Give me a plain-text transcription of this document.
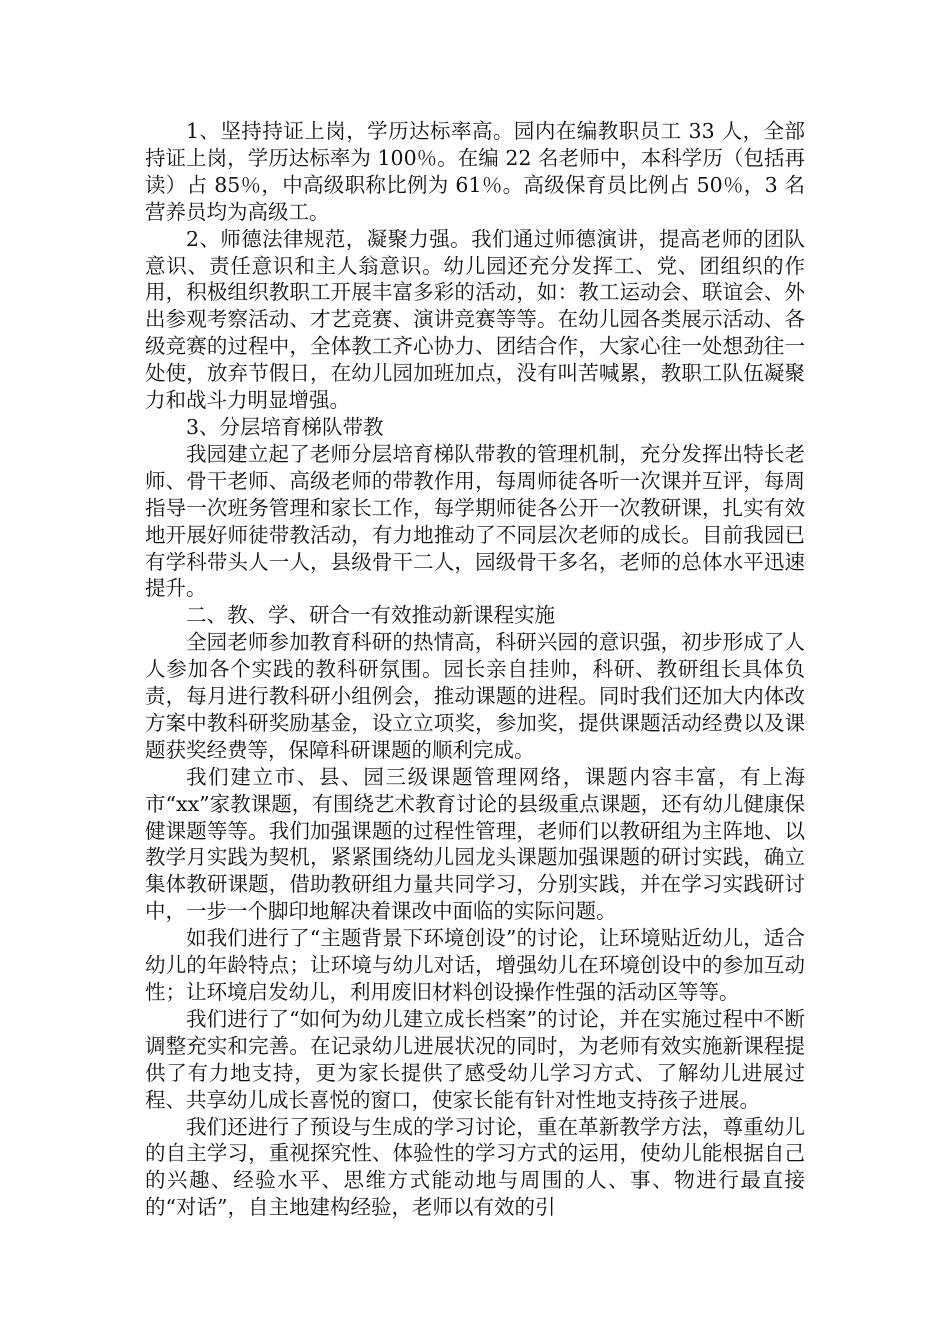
1、坚持持证上岗，学历达标率高。园内在编教职员工 33 人，全部持证上岗，学历达标率为 100％。在编 22 名老师中，本科学历（包括再读）占 85％，中高级职称比例为 61％。高级保育员比例占 50％，3 名营养员均为高级工。

2、师德法律规范，凝聚力强。我们通过师德演讲，提高老师的团队意识、责任意识和主人翁意识。幼儿园还充分发挥工、党、团组织的作用，积极组织教职工开展丰富多彩的活动，如：教工运动会、联谊会、外出参观考察活动、才艺竞赛、演讲竞赛等等。在幼儿园各类展示活动、各级竞赛的过程中，全体教工齐心协力、团结合作，大家心往一处想劲往一处使，放弃节假日，在幼儿园加班加点，没有叫苦喊累，教职工队伍凝聚力和战斗力明显增强。

3、分层培育梯队带教

我园建立起了老师分层培育梯队带教的管理机制，充分发挥出特长老师、骨干老师、高级老师的带教作用，每周师徒各听一次课并互评，每周指导一次班务管理和家长工作，每学期师徒各公开一次教研课，扎实有效地开展好师徒带教活动，有力地推动了不同层次老师的成长。目前我园已有学科带头人一人，县级骨干二人，园级骨干多名，老师的总体水平迅速提升。

二、教、学、研合一有效推动新课程实施

全园老师参加教育科研的热情高，科研兴园的意识强，初步形成了人人参加各个实践的教科研氛围。园长亲自挂帅，科研、教研组长具体负责，每月进行教科研小组例会，推动课题的进程。同时我们还加大内体改方案中教科研奖励基金，设立立项奖，参加奖，提供课题活动经费以及课题获奖经费等，保障科研课题的顺利完成。

我们建立市、县、园三级课题管理网络，课题内容丰富，有上海市“xx”家教课题，有围绕艺术教育讨论的县级重点课题，还有幼儿健康保健课题等等。我们加强课题的过程性管理，老师们以教研组为主阵地、以教学月实践为契机，紧紧围绕幼儿园龙头课题加强课题的研讨实践，确立集体教研课题，借助教研组力量共同学习，分别实践，并在学习实践研讨中，一步一个脚印地解决着课改中面临的实际问题。

如我们进行了“主题背景下环境创设”的讨论，让环境贴近幼儿，适合幼儿的年龄特点；让环境与幼儿对话，增强幼儿在环境创设中的参加互动性；让环境启发幼儿，利用废旧材料创设操作性强的活动区等等。

我们进行了“如何为幼儿建立成长档案”的讨论，并在实施过程中不断调整充实和完善。在记录幼儿进展状况的同时，为老师有效实施新课程提供了有力地支持，更为家长提供了感受幼儿学习方式、了解幼儿进展过程、共享幼儿成长喜悦的窗口，使家长能有针对性地支持孩子进展。

我们还进行了预设与生成的学习讨论，重在革新教学方法，尊重幼儿的自主学习，重视探究性、体验性的学习方式的运用，使幼儿能根据自己的兴趣、经验水平、思维方式能动地与周围的人、事、物进行最直接的“对话”，自主地建构经验，老师以有效的引
